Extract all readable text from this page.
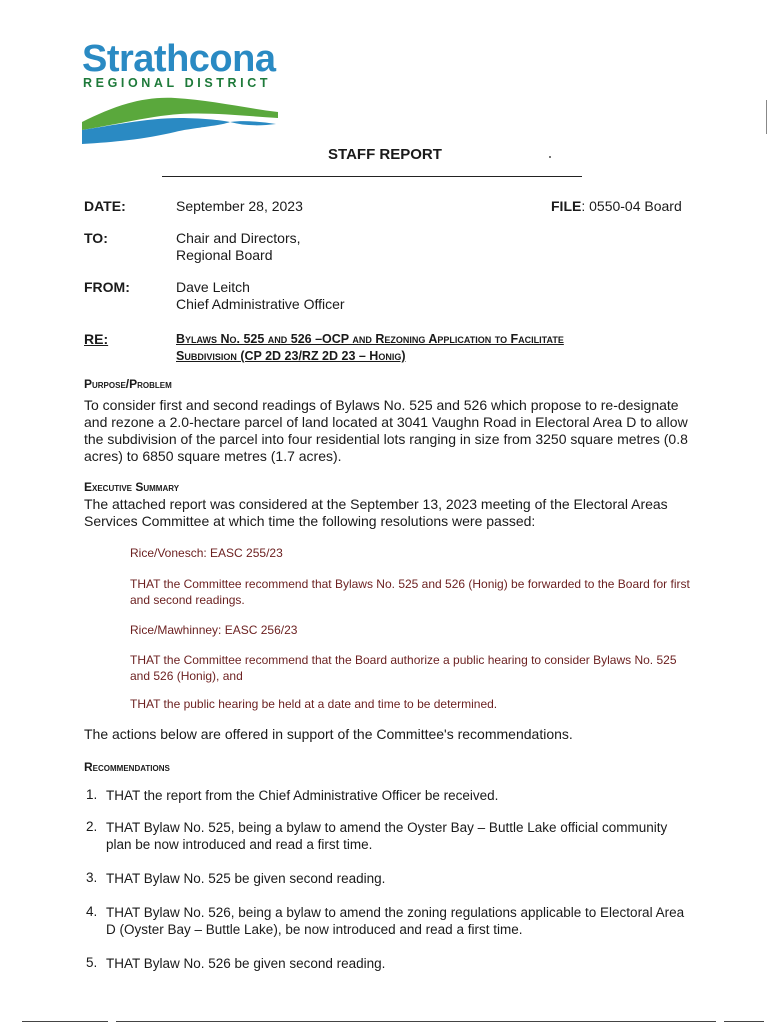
Strathcona
REGIONAL DISTRICT
STAFF REPORT
DATE:	September 28, 2023	FILE: 0550-04 Board
TO:	Chair and Directors,
Regional Board
FROM:	Dave Leitch
Chief Administrative Officer
RE:	Bylaws No. 525 and 526 –OCP and Rezoning Application to Facilitate
Subdivision (CP 2D 23/RZ 2D 23 – Honig)
Purpose/Problem
To consider first and second readings of Bylaws No. 525 and 526 which propose to re-designate and rezone a 2.0-hectare parcel of land located at 3041 Vaughn Road in Electoral Area D to allow the subdivision of the parcel into four residential lots ranging in size from 3250 square metres (0.8 acres) to 6850 square metres (1.7 acres).
Executive Summary
The attached report was considered at the September 13, 2023 meeting of the Electoral Areas Services Committee at which time the following resolutions were passed:
Rice/Vonesch: EASC 255/23
THAT the Committee recommend that Bylaws No. 525 and 526 (Honig) be forwarded to the Board for first and second readings.
Rice/Mawhinney: EASC 256/23
THAT the Committee recommend that the Board authorize a public hearing to consider Bylaws No. 525 and 526 (Honig), and
THAT the public hearing be held at a date and time to be determined.
The actions below are offered in support of the Committee's recommendations.
Recommendations
1. THAT the report from the Chief Administrative Officer be received.
2. THAT Bylaw No. 525, being a bylaw to amend the Oyster Bay – Buttle Lake official community plan be now introduced and read a first time.
3. THAT Bylaw No. 525 be given second reading.
4. THAT Bylaw No. 526, being a bylaw to amend the zoning regulations applicable to Electoral Area D (Oyster Bay – Buttle Lake), be now introduced and read a first time.
5. THAT Bylaw No. 526 be given second reading.
